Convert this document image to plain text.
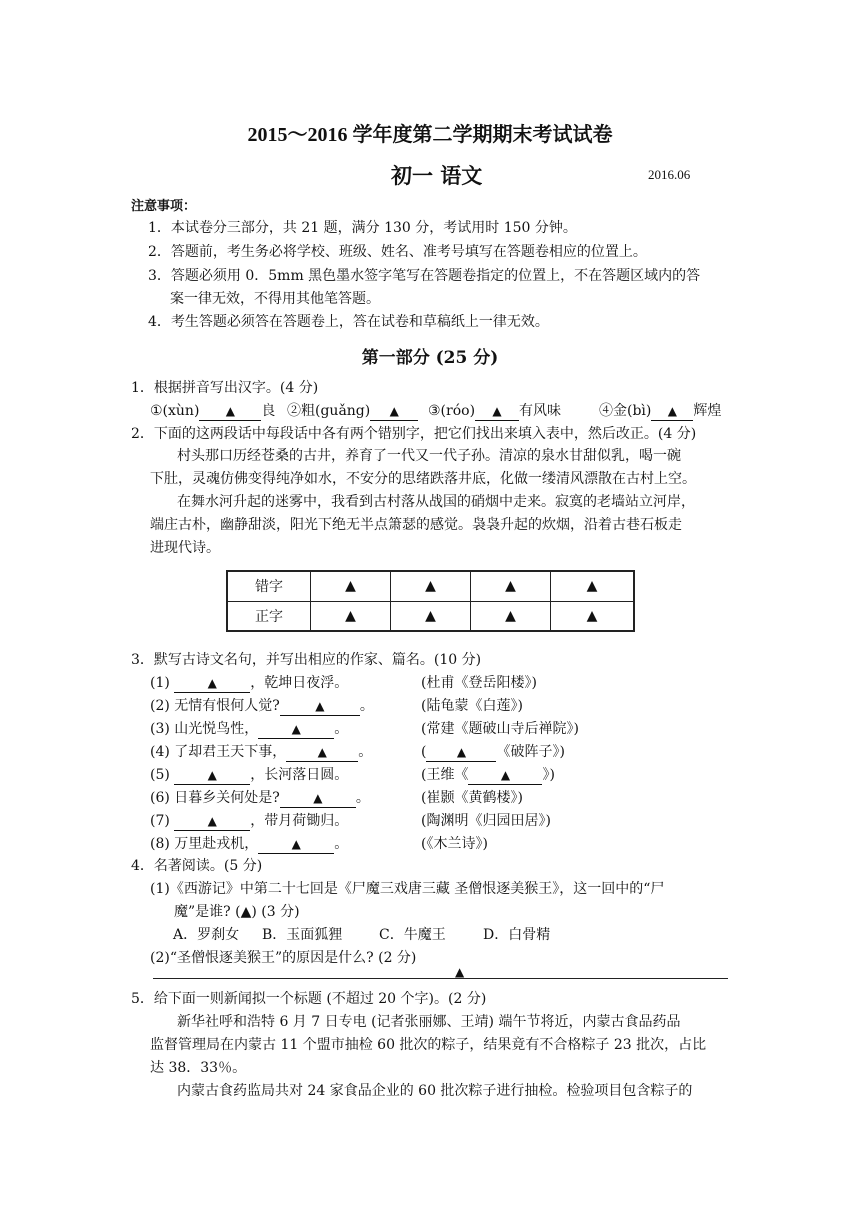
2015～2016 学年度第二学期期末考试试卷
初一 语文	2016.06
注意事项：
1．本试卷分三部分，共 21 题，满分 130 分，考试用时 150 分钟。
2．答题前，考生务必将学校、班级、姓名、准考号填写在答题卷相应的位置上。
3．答题必须用 0．5mm 黑色墨水签字笔写在答题卷指定的位置上，不在答题区域内的答
案一律无效，不得用其他笔答题。
4．考生答题必须答在答题卷上，答在试卷和草稿纸上一律无效。
第一部分 (25 分)
1．根据拼音写出汉字。(4 分)
①(xùn) ▲ 良 ②粗(guǎng) ▲	③(róo) ▲ 有风味	④金(bì) ▲ 辉煌
2．下面的这两段话中每段话中各有两个错别字，把它们找出来填入表中，然后改正。(4 分)
村头那口历经苍桑的古井，养育了一代又一代子孙。清凉的泉水甘甜似乳，喝一碗
下肚，灵魂仿佛变得纯净如水，不安分的思绪跌落井底，化做一缕清风漂散在古村上空。
在舞水河升起的迷雾中，我看到古村落从战国的硝烟中走来。寂寞的老墙站立河岸，
端庄古朴，幽静甜淡，阳光下绝无半点箫瑟的感觉。袅袅升起的炊烟，沿着古巷石板走
进现代诗。
错字	▲	▲	▲	▲
正字	▲	▲	▲	▲
3．默写古诗文名句，并写出相应的作家、篇名。(10 分)
(1)	▲ ，乾坤日夜浮。	(杜甫《登岳阳楼》)
(2) 无情有恨何人觉?	▲	。	(陆龟蒙《白莲》)
(3) 山光悦鸟性，	▲ 。	(常建《题破山寺后禅院》)
(4) 了却君王天下事，	▲ 。	(	▲ 《破阵子》)
(5)	▲ ，长河落日圆。	(王维《	▲ 》)
(6) 日暮乡关何处是?	▲ 。	(崔颢《黄鹤楼》)
(7)	▲ ，带月荷锄归。	(陶渊明《归园田居》)
(8) 万里赴戎机，	▲ 。	(《木兰诗》)
4．名著阅读。(5 分)
(1)《西游记》中第二十七回是《尸魔三戏唐三藏 圣僧恨逐美猴王》，这一回中的“尸
魔”是谁? (▲) (3 分)
A．罗刹女 B．玉面狐狸	C．牛魔王	D．白骨精
(2)“圣僧恨逐美猴王”的原因是什么? (2 分)
▲
5．给下面一则新闻拟一个标题 (不超过 20 个字)。(2 分)
新华社呼和浩特 6 月 7 日专电 (记者张丽娜、王靖) 端午节将近，内蒙古食品药品
监督管理局在内蒙古 11 个盟市抽检 60 批次的粽子，结果竟有不合格粽子 23 批次，占比
达 38．33％。
内蒙古食药监局共对 24 家食品企业的 60 批次粽子进行抽检。检验项目包含粽子的
